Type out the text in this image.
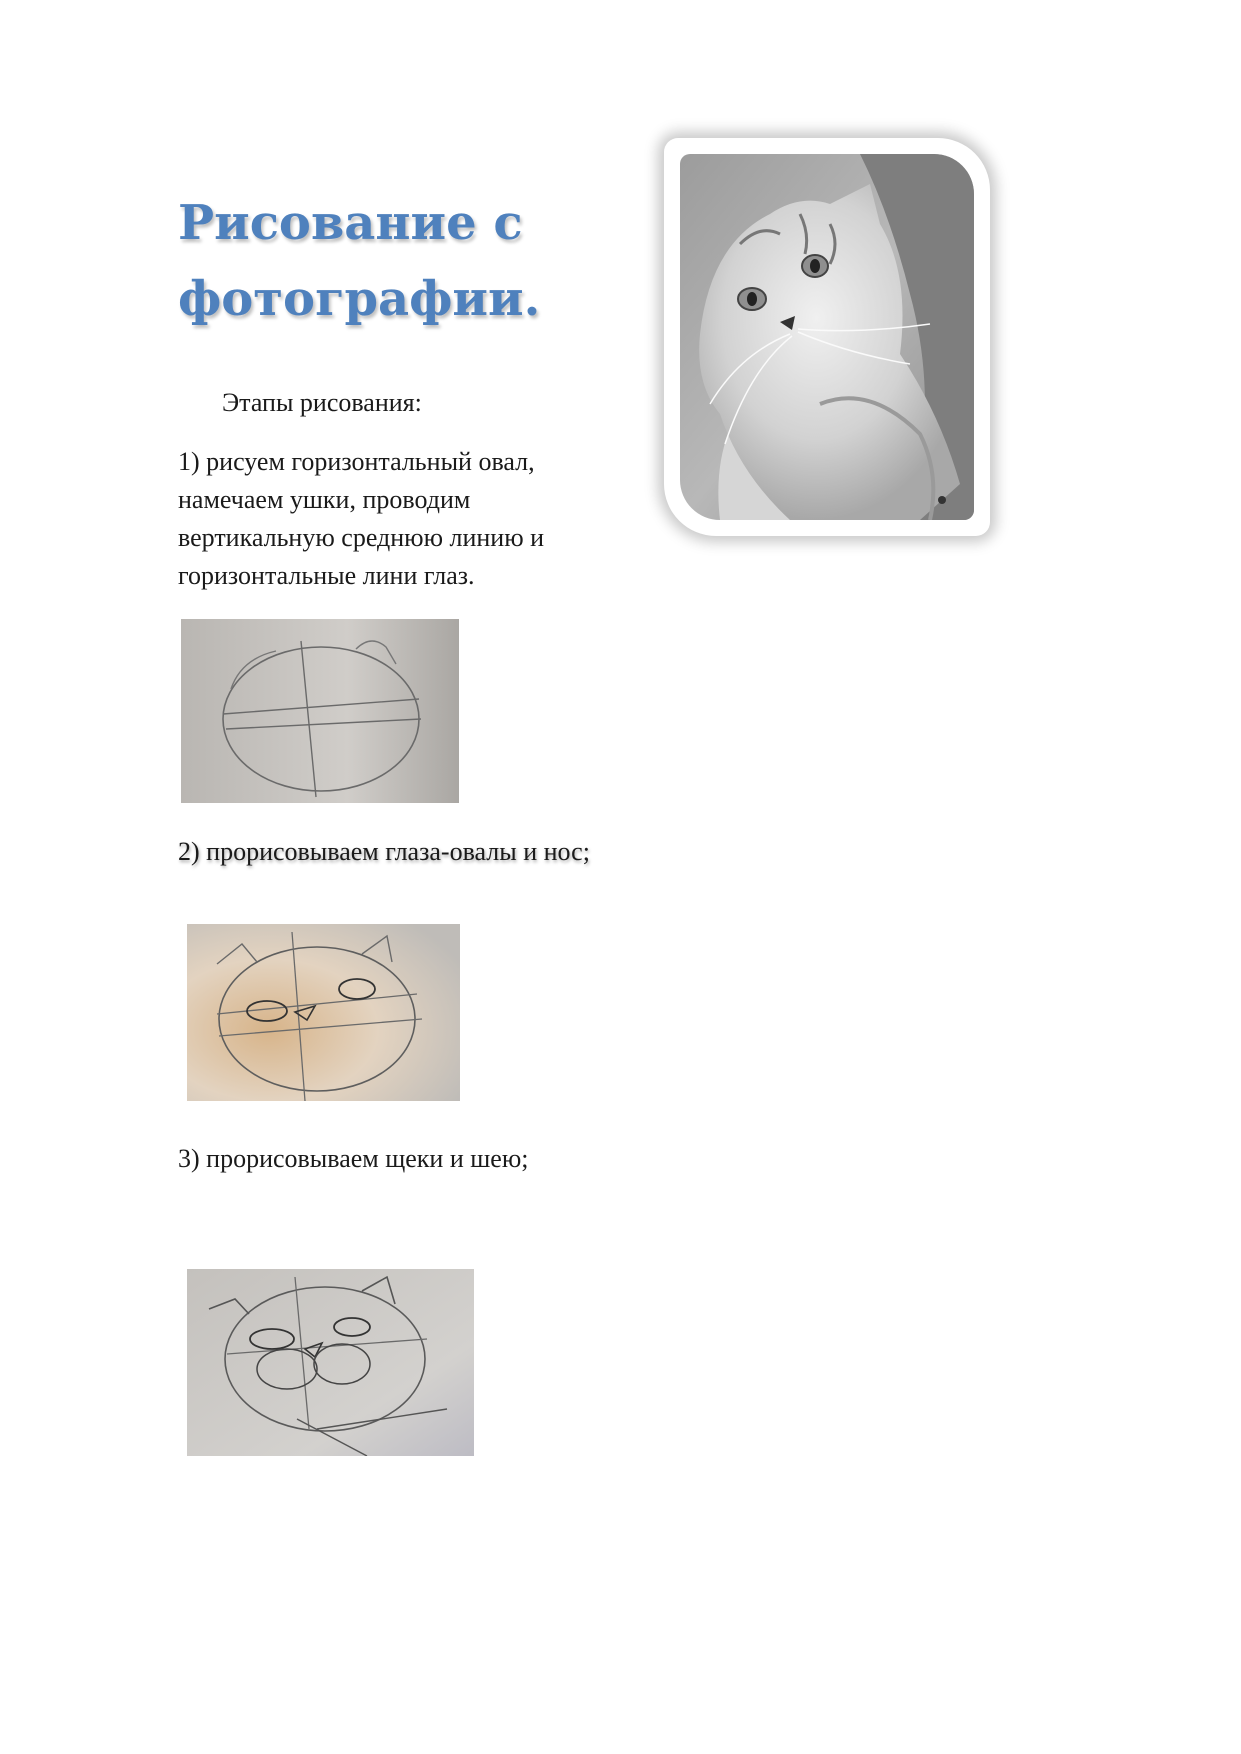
Рисование с
фотографии.
Этапы рисования:
1) рисуем горизонтальный овал,
намечаем ушки, проводим
вертикальную среднюю линию и
горизонтальные лини глаз.
2) прорисовываем глаза-овалы и нос;
3) прорисовываем щеки и шею;
